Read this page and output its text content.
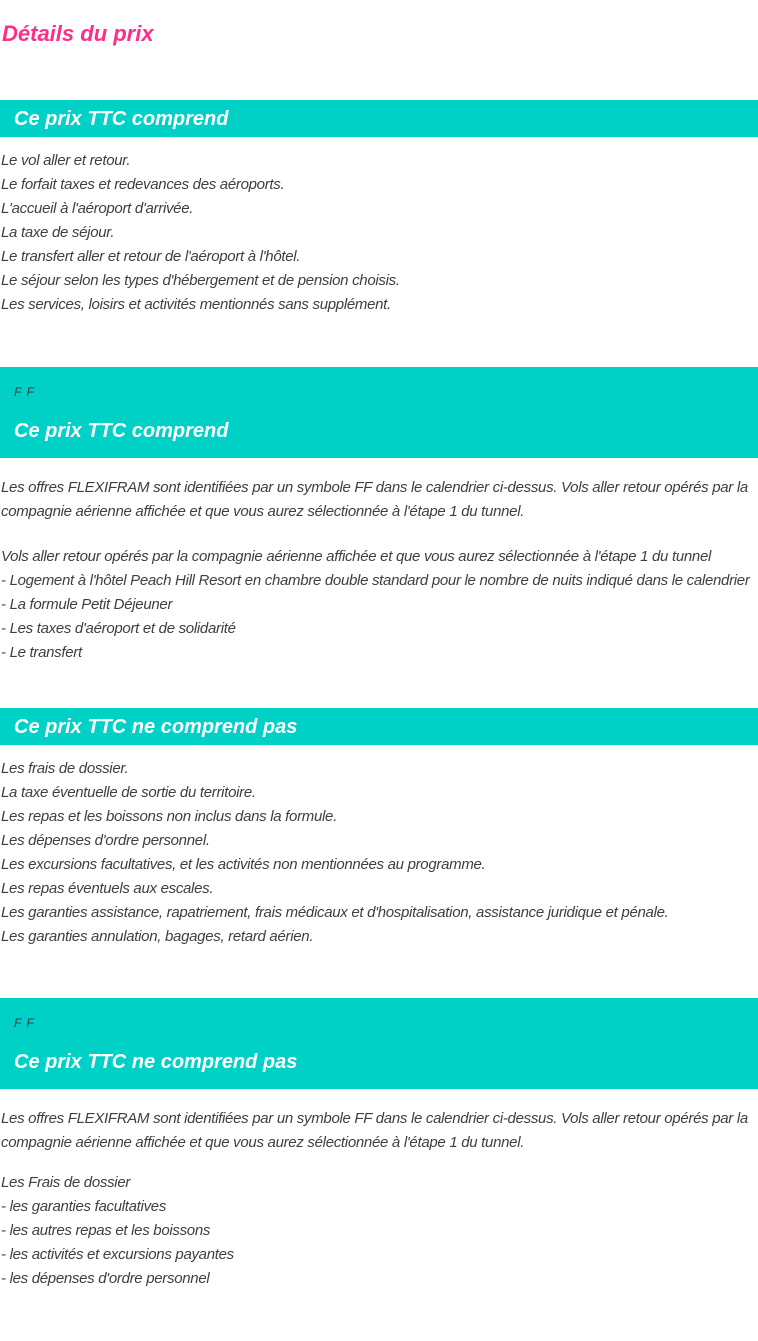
Détails du prix
Ce prix TTC comprend
Le vol aller et retour.
Le forfait taxes et redevances des aéroports.
L'accueil à l'aéroport d'arrivée.
La taxe de séjour.
Le transfert aller et retour de l'aéroport à l'hôtel.
Le séjour selon les types d'hébergement et de pension choisis.
Les services, loisirs et activités mentionnés sans supplément.
F F
Ce prix TTC comprend

Les offres FLEXIFRAM sont identifiées par un symbole FF dans le calendrier ci-dessus. Vols aller retour opérés par la compagnie aérienne affichée et que vous aurez sélectionnée à l'étape 1 du tunnel.

Vols aller retour opérés par la compagnie aérienne affichée et que vous aurez sélectionnée à l'étape 1 du tunnel
- Logement à l'hôtel Peach Hill Resort en chambre double standard pour le nombre de nuits indiqué dans le calendrier
- La formule Petit Déjeuner
- Les taxes d'aéroport et de solidarité
- Le transfert
Ce prix TTC ne comprend pas
Les frais de dossier.
La taxe éventuelle de sortie du territoire.
Les repas et les boissons non inclus dans la formule.
Les dépenses d'ordre personnel.
Les excursions facultatives, et les activités non mentionnées au programme.
Les repas éventuels aux escales.
Les garanties assistance, rapatriement, frais médicaux et d'hospitalisation, assistance juridique et pénale.
Les garanties annulation, bagages, retard aérien.
F F
Ce prix TTC ne comprend pas

Les offres FLEXIFRAM sont identifiées par un symbole FF dans le calendrier ci-dessus. Vols aller retour opérés par la compagnie aérienne affichée et que vous aurez sélectionnée à l'étape 1 du tunnel.

Les Frais de dossier
- les garanties facultatives
- les autres repas et les boissons
- les activités et excursions payantes
- les dépenses d'ordre personnel
